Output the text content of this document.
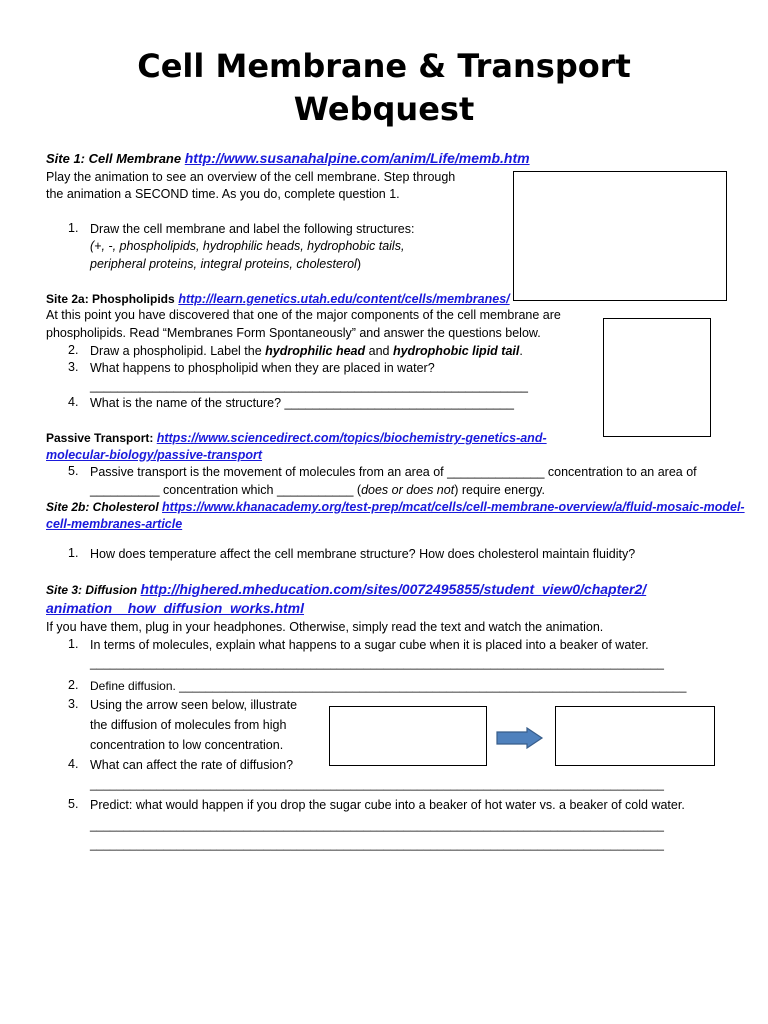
Cell Membrane & Transport
Webquest
Site 1: Cell Membrane http://www.susanahalpine.com/anim/Life/memb.htm
Play the animation to see an overview of the cell membrane. Step through
the animation a SECOND time. As you do, complete question 1.
1. Draw the cell membrane and label the following structures:
(+, -, phospholipids, hydrophilic heads, hydrophobic tails,
peripheral proteins, integral proteins, cholesterol)
Site 2a: Phospholipids http://learn.genetics.utah.edu/content/cells/membranes/
At this point you have discovered that one of the major components of the cell membrane are
phospholipids. Read “Membranes Form Spontaneously” and answer the questions below.
2. Draw a phospholipid. Label the hydrophilic head and hydrophobic lipid tail.
3. What happens to phospholipid when they are placed in water?
_______________________________________________________________
4. What is the name of the structure? _________________________________
Passive Transport: https://www.sciencedirect.com/topics/biochemistry-genetics-and-
molecular-biology/passive-transport
5. Passive transport is the movement of molecules from an area of ______________ concentration to an area of
__________ concentration which ___________ (does or does not) require energy.
Site 2b: Cholesterol https://www.khanacademy.org/test-prep/mcat/cells/cell-membrane-overview/a/fluid-mosaic-model-
cell-membranes-article
1. How does temperature affect the cell membrane structure? How does cholesterol maintain fluidity?
Site 3: Diffusion http://highered.mheducation.com/sites/0072495855/student_view0/chapter2/
animation__how_diffusion_works.html
If you have them, plug in your headphones. Otherwise, simply read the text and watch the animation.
1. In terms of molecules, explain what happens to a sugar cube when it is placed into a beaker of water.
______________________________________________________________________________________
2. Define diffusion. ____________________________________________________________________________
3. Using the arrow seen below, illustrate
the diffusion of molecules from high
concentration to low concentration.
4. What can affect the rate of diffusion?
______________________________________________________________________________________
5. Predict: what would happen if you drop the sugar cube into a beaker of hot water vs. a beaker of cold water.
______________________________________________________________________________________
______________________________________________________________________________________
